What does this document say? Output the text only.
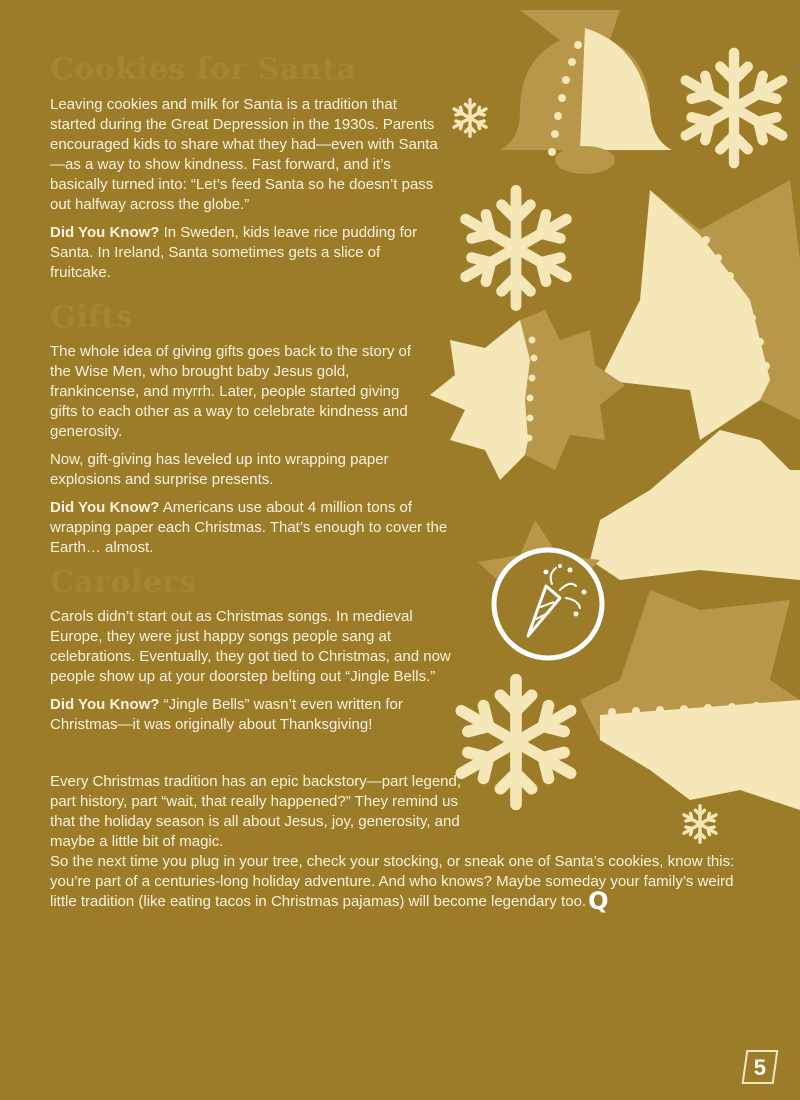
Cookies for Santa

Leaving cookies and milk for Santa is a tradition that started during the Great Depression in the 1930s. Parents encouraged kids to share what they had—even with Santa—as a way to show kindness. Fast forward, and it’s basically turned into: “Let’s feed Santa so he doesn’t pass out halfway across the globe.”

Did You Know? In Sweden, kids leave rice pudding for Santa. In Ireland, Santa sometimes gets a slice of fruitcake.

Gifts

The whole idea of giving gifts goes back to the story of the Wise Men, who brought baby Jesus gold, frankincense, and myrrh. Later, people started giving gifts to each other as a way to celebrate kindness and generosity.

Now, gift-giving has leveled up into wrapping paper explosions and surprise presents.

Did You Know? Americans use about 4 million tons of wrapping paper each Christmas. That’s enough to cover the Earth… almost.

Carolers

Carols didn’t start out as Christmas songs. In medieval Europe, they were just happy songs people sang at celebrations. Eventually, they got tied to Christmas, and now people show up at your doorstep belting out “Jingle Bells.”

Did You Know? “Jingle Bells” wasn’t even written for Christmas—it was originally about Thanksgiving!

Every Christmas tradition has an epic backstory—part legend, part history, part “wait, that really happened?” They remind us that the holiday season is all about Jesus, joy, generosity, and maybe a little bit of magic.

So the next time you plug in your tree, check your stocking, or sneak one of Santa’s cookies, know this: you’re part of a centuries-long holiday adventure. And who knows? Maybe someday your family’s weird little tradition (like eating tacos in Christmas pajamas) will become legendary too.Q

5
